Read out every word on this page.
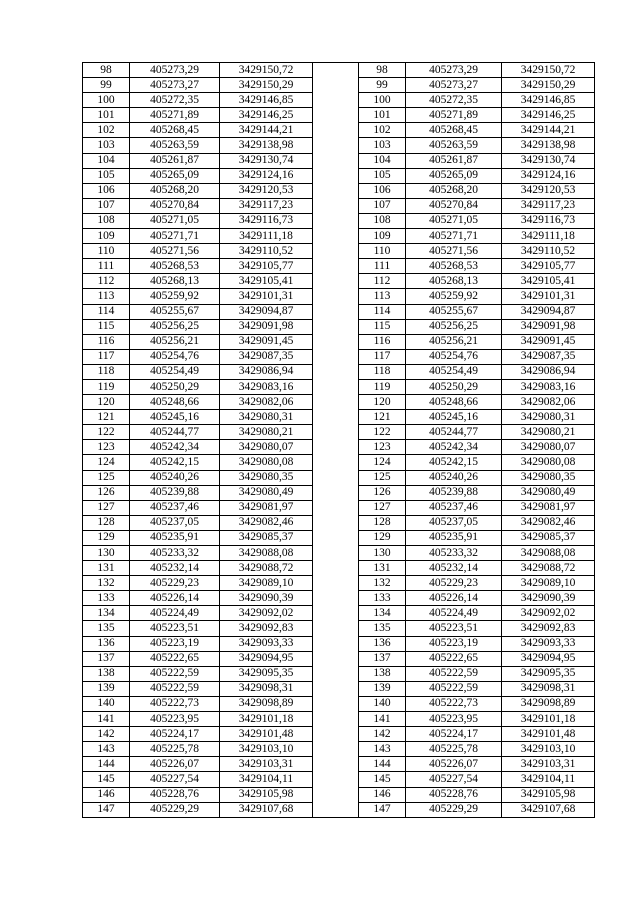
98	405273,29	3429150,72		98	405273,29	3429150,72
99	405273,27	3429150,29		99	405273,27	3429150,29
100	405272,35	3429146,85		100	405272,35	3429146,85
101	405271,89	3429146,25		101	405271,89	3429146,25
102	405268,45	3429144,21		102	405268,45	3429144,21
103	405263,59	3429138,98		103	405263,59	3429138,98
104	405261,87	3429130,74		104	405261,87	3429130,74
105	405265,09	3429124,16		105	405265,09	3429124,16
106	405268,20	3429120,53		106	405268,20	3429120,53
107	405270,84	3429117,23		107	405270,84	3429117,23
108	405271,05	3429116,73		108	405271,05	3429116,73
109	405271,71	3429111,18		109	405271,71	3429111,18
110	405271,56	3429110,52		110	405271,56	3429110,52
111	405268,53	3429105,77		111	405268,53	3429105,77
112	405268,13	3429105,41		112	405268,13	3429105,41
113	405259,92	3429101,31		113	405259,92	3429101,31
114	405255,67	3429094,87		114	405255,67	3429094,87
115	405256,25	3429091,98		115	405256,25	3429091,98
116	405256,21	3429091,45		116	405256,21	3429091,45
117	405254,76	3429087,35		117	405254,76	3429087,35
118	405254,49	3429086,94		118	405254,49	3429086,94
119	405250,29	3429083,16		119	405250,29	3429083,16
120	405248,66	3429082,06		120	405248,66	3429082,06
121	405245,16	3429080,31		121	405245,16	3429080,31
122	405244,77	3429080,21		122	405244,77	3429080,21
123	405242,34	3429080,07		123	405242,34	3429080,07
124	405242,15	3429080,08		124	405242,15	3429080,08
125	405240,26	3429080,35		125	405240,26	3429080,35
126	405239,88	3429080,49		126	405239,88	3429080,49
127	405237,46	3429081,97		127	405237,46	3429081,97
128	405237,05	3429082,46		128	405237,05	3429082,46
129	405235,91	3429085,37		129	405235,91	3429085,37
130	405233,32	3429088,08		130	405233,32	3429088,08
131	405232,14	3429088,72		131	405232,14	3429088,72
132	405229,23	3429089,10		132	405229,23	3429089,10
133	405226,14	3429090,39		133	405226,14	3429090,39
134	405224,49	3429092,02		134	405224,49	3429092,02
135	405223,51	3429092,83		135	405223,51	3429092,83
136	405223,19	3429093,33		136	405223,19	3429093,33
137	405222,65	3429094,95		137	405222,65	3429094,95
138	405222,59	3429095,35		138	405222,59	3429095,35
139	405222,59	3429098,31		139	405222,59	3429098,31
140	405222,73	3429098,89		140	405222,73	3429098,89
141	405223,95	3429101,18		141	405223,95	3429101,18
142	405224,17	3429101,48		142	405224,17	3429101,48
143	405225,78	3429103,10		143	405225,78	3429103,10
144	405226,07	3429103,31		144	405226,07	3429103,31
145	405227,54	3429104,11		145	405227,54	3429104,11
146	405228,76	3429105,98		146	405228,76	3429105,98
147	405229,29	3429107,68		147	405229,29	3429107,68
